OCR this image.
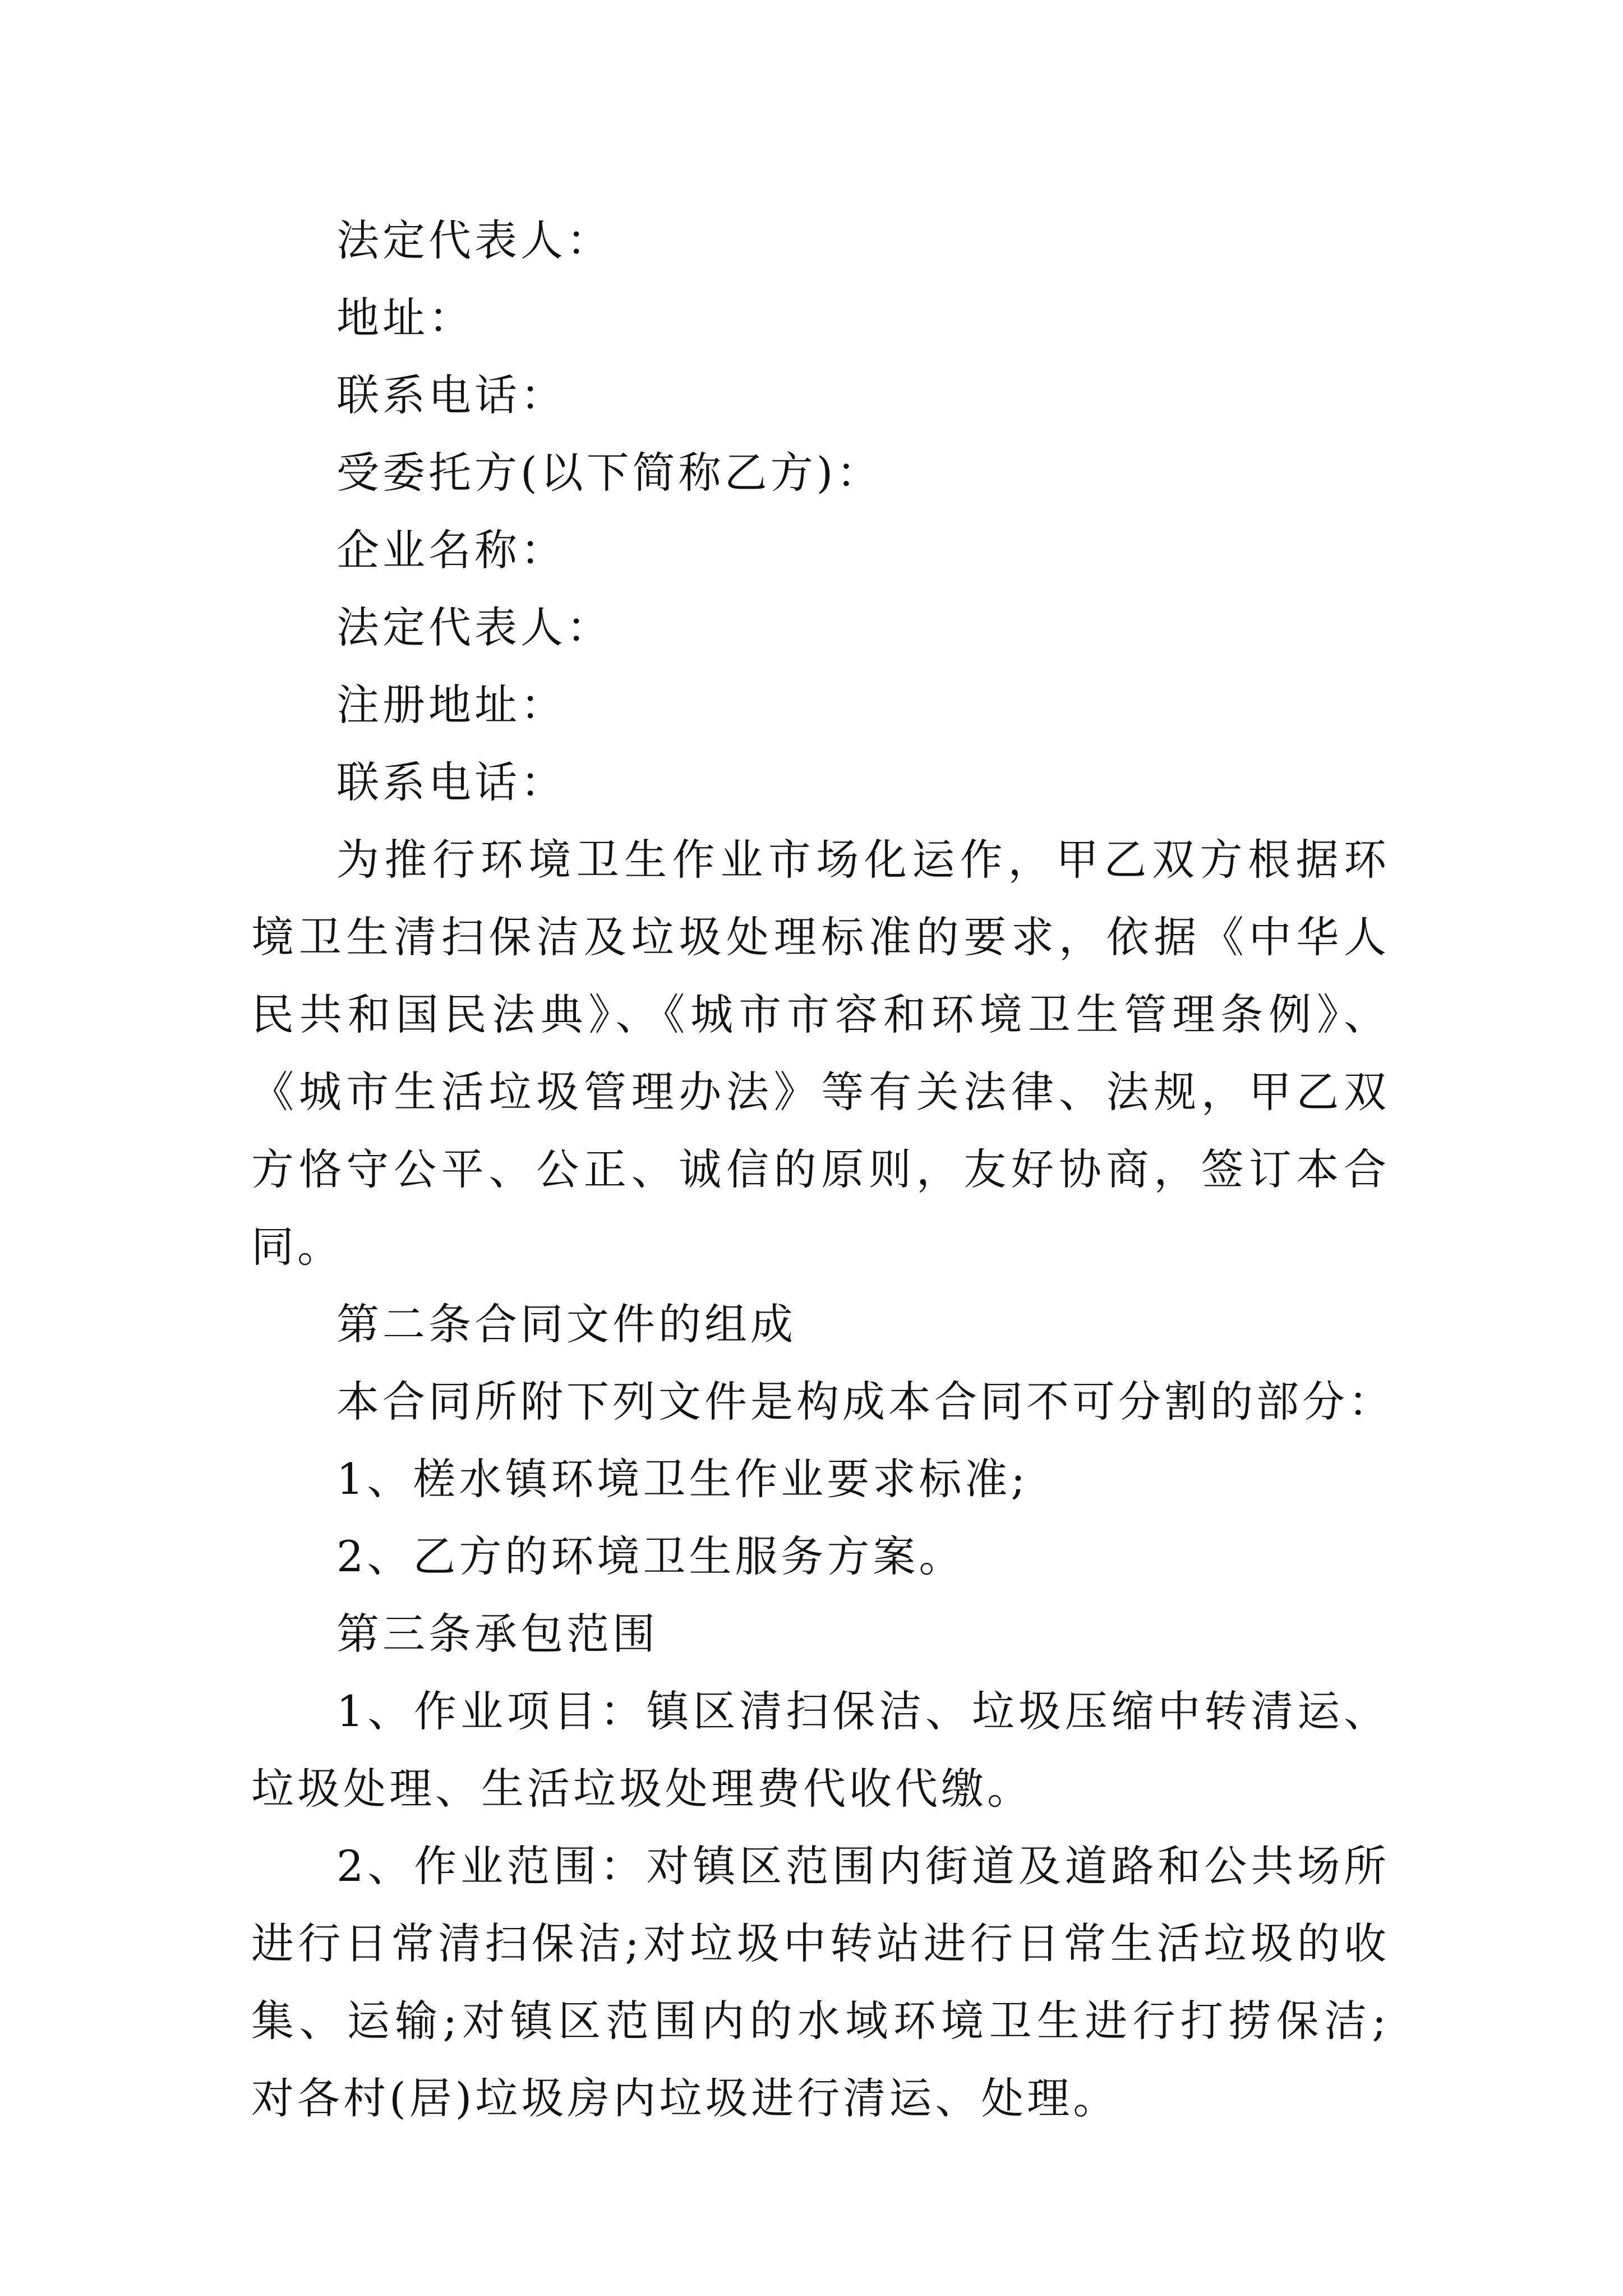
法定代表人：

地址：

联系电话：

受委托方(以下简称乙方)：

企业名称：

法定代表人：

注册地址：

联系电话：

为推行环境卫生作业市场化运作，甲乙双方根据环境卫生清扫保洁及垃圾处理标准的要求，依据《中华人民共和国民法典》、《城市市容和环境卫生管理条例》、《城市生活垃圾管理办法》等有关法律、法规，甲乙双方恪守公平、公正、诚信的原则，友好协商，签订本合同。

第二条合同文件的组成

本合同所附下列文件是构成本合同不可分割的部分：

1、槎水镇环境卫生作业要求标准;

2、乙方的环境卫生服务方案。

第三条承包范围

1、作业项目：镇区清扫保洁、垃圾压缩中转清运、垃圾处理、生活垃圾处理费代收代缴。

2、作业范围：对镇区范围内街道及道路和公共场所进行日常清扫保洁;对垃圾中转站进行日常生活垃圾的收集、运输;对镇区范围内的水域环境卫生进行打捞保洁;对各村(居)垃圾房内垃圾进行清运、处理。
